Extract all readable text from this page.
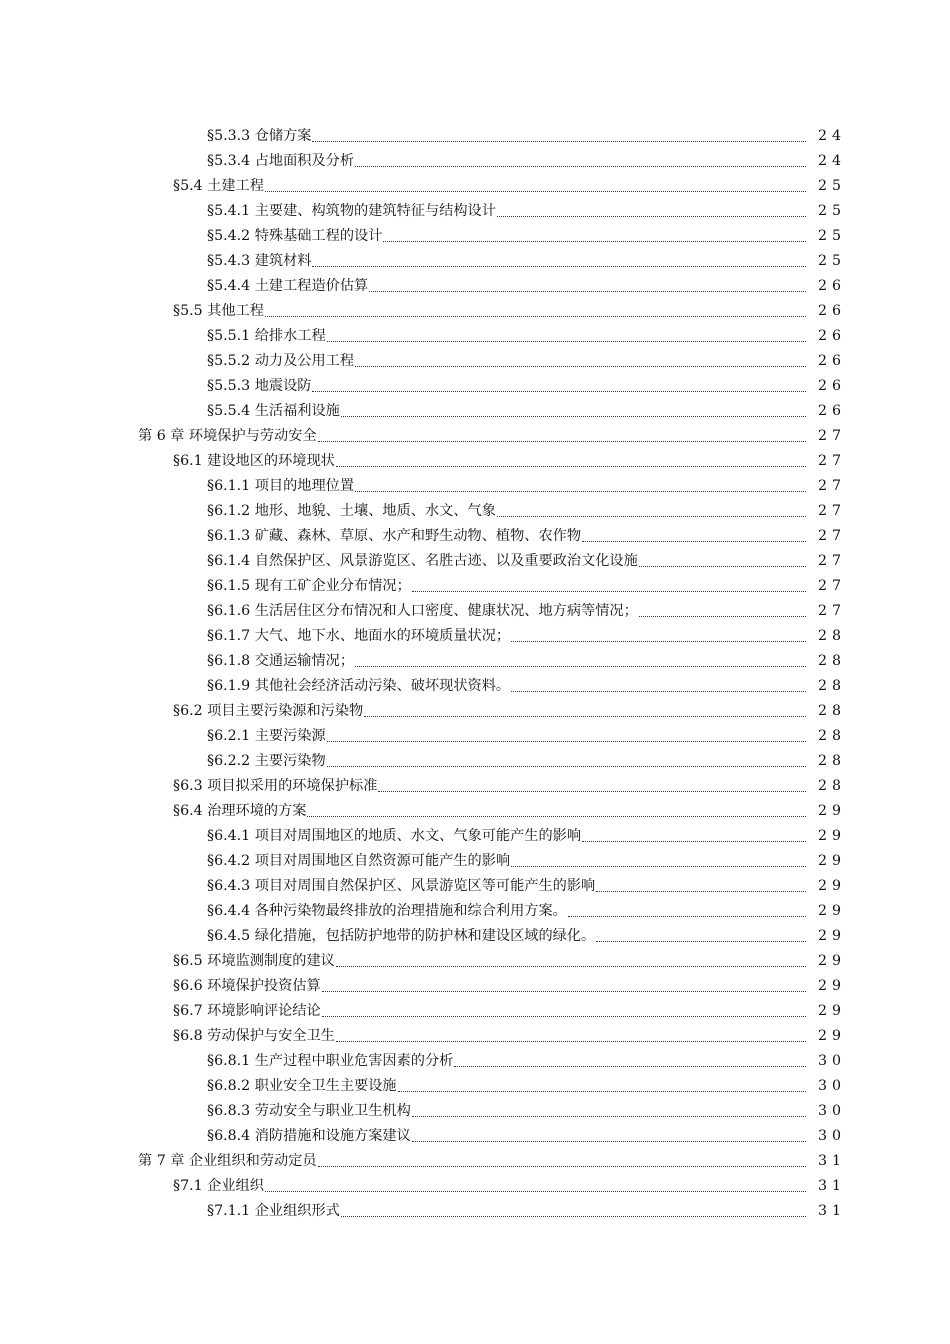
§5.3.3 仓储方案	24
§5.3.4 占地面积及分析	24
§5.4 土建工程	25
§5.4.1 主要建、构筑物的建筑特征与结构设计	25
§5.4.2 特殊基础工程的设计	25
§5.4.3 建筑材料	25
§5.4.4 土建工程造价估算	26
§5.5 其他工程	26
§5.5.1 给排水工程	26
§5.5.2 动力及公用工程	26
§5.5.3 地震设防	26
§5.5.4 生活福利设施	26
第 6 章 环境保护与劳动安全	27
§6.1 建设地区的环境现状	27
§6.1.1 项目的地理位置	27
§6.1.2 地形、地貌、土壤、地质、水文、气象	27
§6.1.3 矿藏、森林、草原、水产和野生动物、植物、农作物	27
§6.1.4 自然保护区、风景游览区、名胜古迹、以及重要政治文化设施	27
§6.1.5 现有工矿企业分布情况；	27
§6.1.6 生活居住区分布情况和人口密度、健康状况、地方病等情况；	27
§6.1.7 大气、地下水、地面水的环境质量状况；	28
§6.1.8 交通运输情况；	28
§6.1.9 其他社会经济活动污染、破坏现状资料。	28
§6.2 项目主要污染源和污染物	28
§6.2.1 主要污染源	28
§6.2.2 主要污染物	28
§6.3 项目拟采用的环境保护标准	28
§6.4 治理环境的方案	29
§6.4.1 项目对周围地区的地质、水文、气象可能产生的影响	29
§6.4.2 项目对周围地区自然资源可能产生的影响	29
§6.4.3 项目对周围自然保护区、风景游览区等可能产生的影响	29
§6.4.4 各种污染物最终排放的治理措施和综合利用方案。	29
§6.4.5 绿化措施，包括防护地带的防护林和建设区域的绿化。	29
§6.5 环境监测制度的建议	29
§6.6 环境保护投资估算	29
§6.7 环境影响评论结论	29
§6.8 劳动保护与安全卫生	29
§6.8.1 生产过程中职业危害因素的分析	30
§6.8.2 职业安全卫生主要设施	30
§6.8.3 劳动安全与职业卫生机构	30
§6.8.4 消防措施和设施方案建议	30
第 7 章 企业组织和劳动定员	31
§7.1 企业组织	31
§7.1.1 企业组织形式	31
